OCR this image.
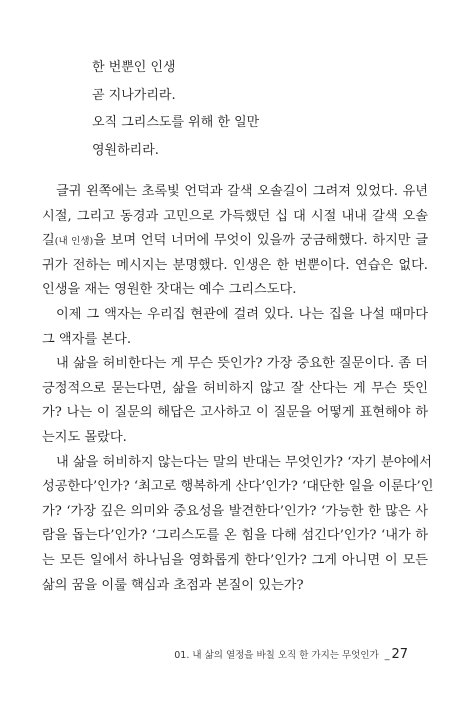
한 번뿐인 인생
곧 지나가리라.
오직 그리스도를 위해 한 일만
영원하리라.
글귀 왼쪽에는 초록빛 언덕과 갈색 오솔길이 그려져 있었다. 유년
시절, 그리고 동경과 고민으로 가득했던 십 대 시절 내내 갈색 오솔
길(내 인생)을 보며 언덕 너머에 무엇이 있을까 궁금해했다. 하지만 글
귀가 전하는 메시지는 분명했다. 인생은 한 번뿐이다. 연습은 없다.
인생을 재는 영원한 잣대는 예수 그리스도다.
이제 그 액자는 우리집 현관에 걸려 있다. 나는 집을 나설 때마다
그 액자를 본다.
내 삶을 허비한다는 게 무슨 뜻인가? 가장 중요한 질문이다. 좀 더
긍정적으로 묻는다면, 삶을 허비하지 않고 잘 산다는 게 무슨 뜻인
가? 나는 이 질문의 해답은 고사하고 이 질문을 어떻게 표현해야 하
는지도 몰랐다.
내 삶을 허비하지 않는다는 말의 반대는 무엇인가? ‘자기 분야에서
성공한다’인가? ‘최고로 행복하게 산다’인가? ‘대단한 일을 이룬다’인
가? ‘가장 깊은 의미와 중요성을 발견한다’인가? ‘가능한 한 많은 사
람을 돕는다’인가? ‘그리스도를 온 힘을 다해 섬긴다’인가? ‘내가 하
는 모든 일에서 하나님을 영화롭게 한다’인가? 그게 아니면 이 모든
삶의 꿈을 이룰 핵심과 초점과 본질이 있는가?
01. 내 삶의 열정을 바칠 오직 한 가지는 무엇인가 _ 27
